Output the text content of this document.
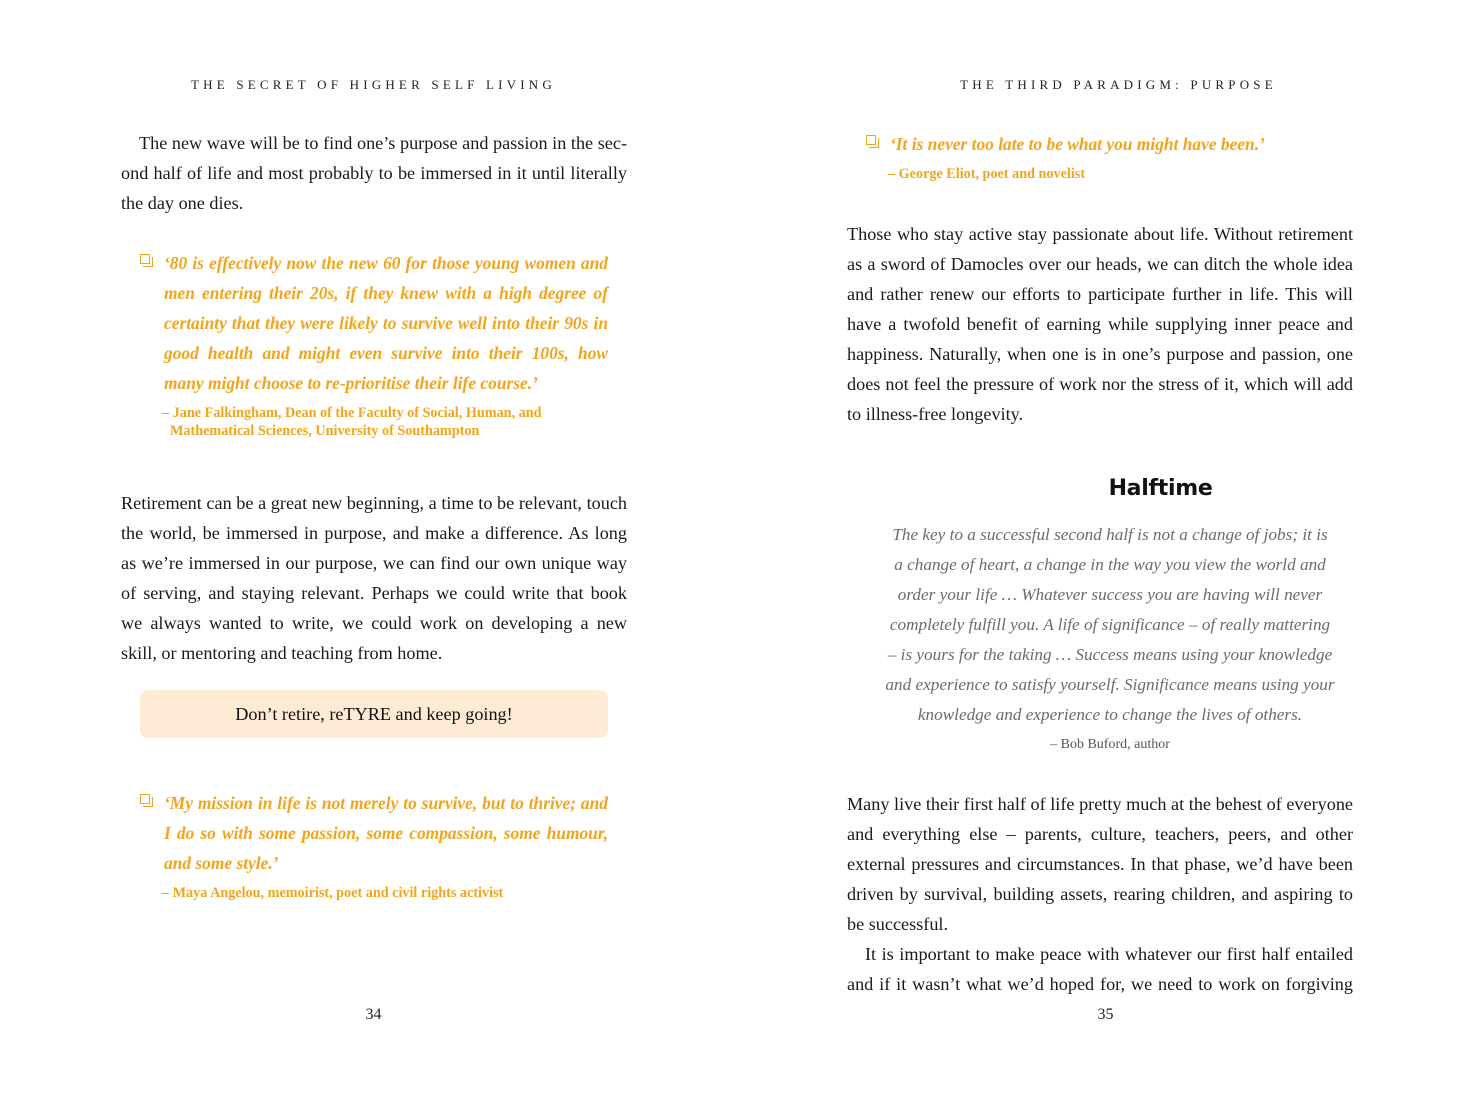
THE SECRET OF HIGHER SELF LIVING

The new wave will be to find one’s purpose and passion in the second half of life and most probably to be immersed in it until literally the day one dies.

‘80 is effectively now the new 60 for those young women and men entering their 20s, if they knew with a high degree of certainty that they were likely to survive well into their 90s in good health and might even survive into their 100s, how many might choose to re-prioritise their life course.’

– Jane Falkingham, Dean of the Faculty of Social, Human, and
Mathematical Sciences, University of Southampton

Retirement can be a great new beginning, a time to be relevant, touch the world, be immersed in purpose, and make a difference. As long as we’re immersed in our purpose, we can find our own unique way of serving, and staying relevant. Perhaps we could write that book we always wanted to write, we could work on developing a new skill, or mentoring and teaching from home.

Don’t retire, reTYRE and keep going!

‘My mission in life is not merely to survive, but to thrive; and I do so with some passion, some compassion, some humour, and some style.’

– Maya Angelou, memoirist, poet and civil rights activist
34
THE THIRD PARADIGM: PURPOSE

‘It is never too late to be what you might have been.’

– George Eliot, poet and novelist

Those who stay active stay passionate about life. Without retirement as a sword of Damocles over our heads, we can ditch the whole idea and rather renew our efforts to participate further in life. This will have a twofold benefit of earning while supplying inner peace and happiness. Naturally, when one is in one’s purpose and passion, one does not feel the pressure of work nor the stress of it, which will add to illness-free longevity.

Halftime
The key to a successful second half is not a change of jobs; it is
a change of heart, a change in the way you view the world and
order your life … Whatever success you are having will never
completely fulfill you. A life of significance – of really mattering
– is yours for the taking … Success means using your knowledge
and experience to satisfy yourself. Significance means using your
knowledge and experience to change the lives of others.
– Bob Buford, author

Many live their first half of life pretty much at the behest of everyone and everything else – parents, culture, teachers, peers, and other external pressures and circumstances. In that phase, we’d have been driven by survival, building assets, rearing children, and aspiring to be successful.

It is important to make peace with whatever our first half entailed and if it wasn’t what we’d hoped for, we need to work on forgiving

35
